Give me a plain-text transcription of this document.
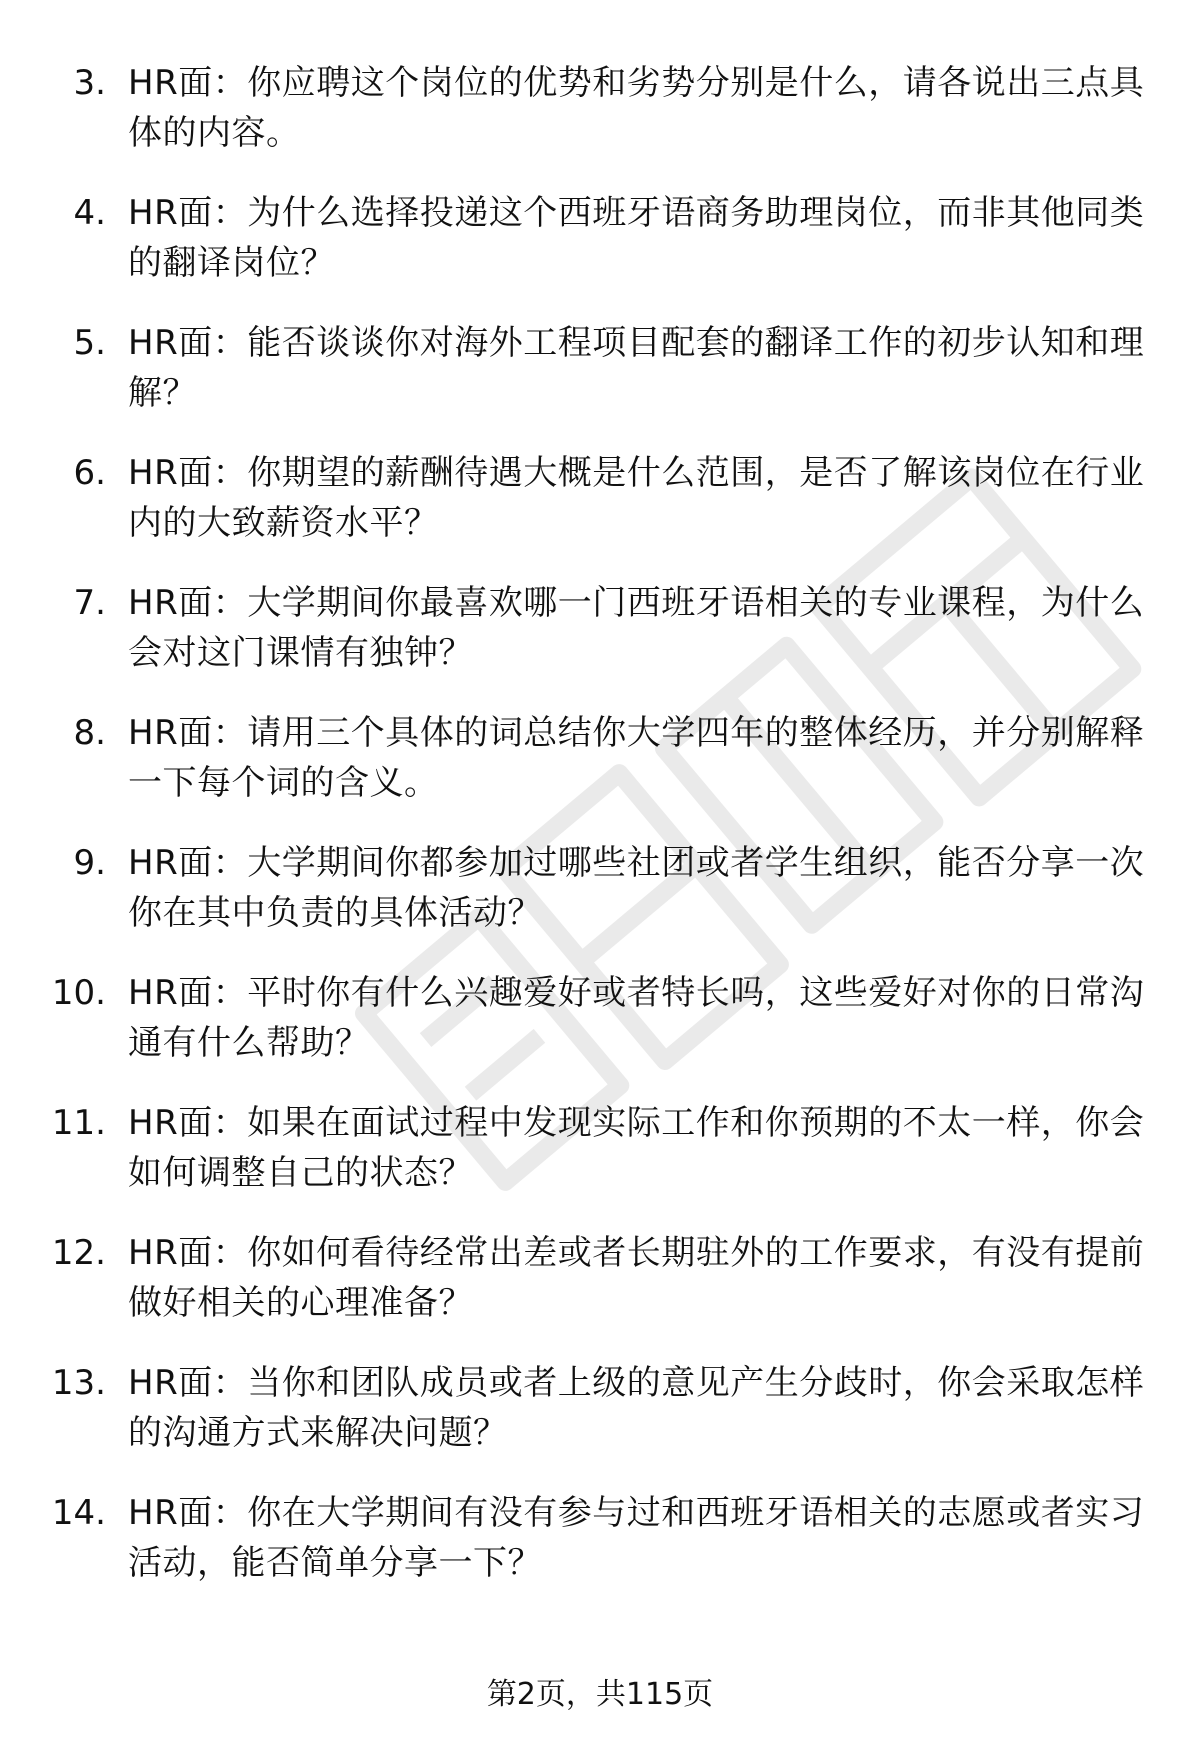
3. HR面：你应聘这个岗位的优势和劣势分别是什么，请各说出三点具体的内容。
4. HR面：为什么选择投递这个西班牙语商务助理岗位，而非其他同类的翻译岗位？
5. HR面：能否谈谈你对海外工程项目配套的翻译工作的初步认知和理解？
6. HR面：你期望的薪酬待遇大概是什么范围，是否了解该岗位在行业内的大致薪资水平？
7. HR面：大学期间你最喜欢哪一门西班牙语相关的专业课程，为什么会对这门课情有独钟？
8. HR面：请用三个具体的词总结你大学四年的整体经历，并分别解释一下每个词的含义。
9. HR面：大学期间你都参加过哪些社团或者学生组织，能否分享一次你在其中负责的具体活动？
10. HR面：平时你有什么兴趣爱好或者特长吗，这些爱好对你的日常沟通有什么帮助？
11. HR面：如果在面试过程中发现实际工作和你预期的不太一样，你会如何调整自己的状态？
12. HR面：你如何看待经常出差或者长期驻外的工作要求，有没有提前做好相关的心理准备？
13. HR面：当你和团队成员或者上级的意见产生分歧时，你会采取怎样的沟通方式来解决问题？
14. HR面：你在大学期间有没有参与过和西班牙语相关的志愿或者实习活动，能否简单分享一下？
第2页，共115页
